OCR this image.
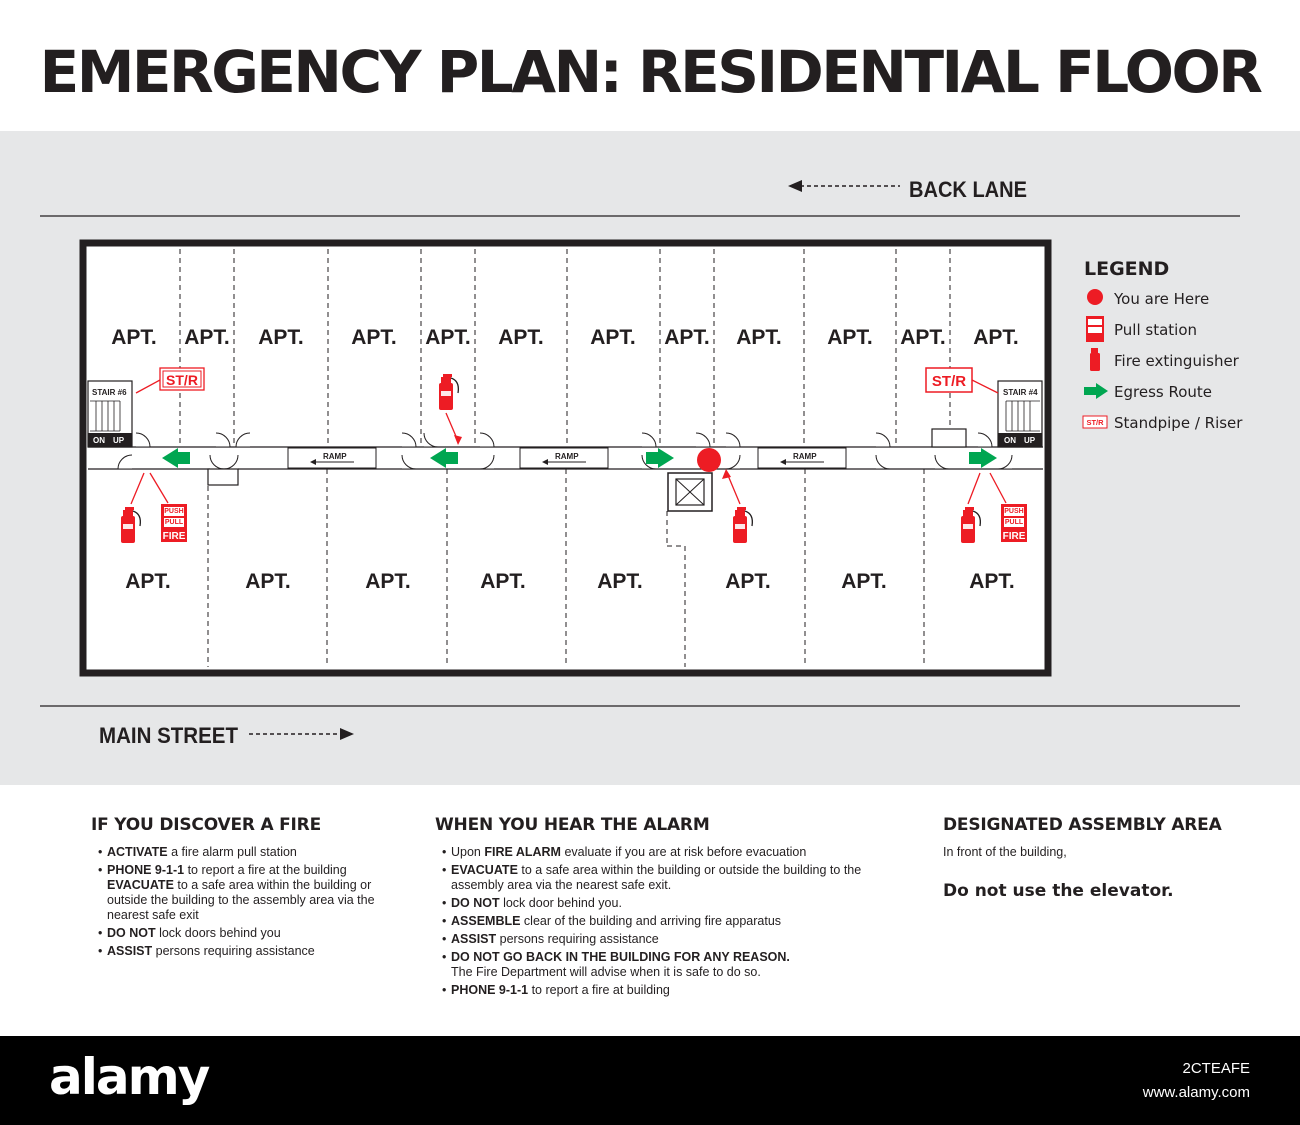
EMERGENCY PLAN: RESIDENTIAL FLOOR
BACK LANE
APT. APT. APT. APT. APT. APT. APT. APT. APT. APT. APT. APT.
APT.	APT.	APT.	APT.	APT.	APT.	APT.	APT.
STAIR #6
ON UP
STAIR #4
ON UP
RAMP	RAMP	RAMP
ST/R	ST/R
PUSH
PULL
FIRE
PUSH
PULL
FIRE
LEGEND
You are Here
Pull station
Fire extinguisher
Egress Route
ST/R Standpipe / Riser
MAIN STREET
IF YOU DISCOVER A FIRE
• ACTIVATE a fire alarm pull station
• PHONE 9-1-1 to report a fire at the building
EVACUATE to a safe area within the building or outside the building to the assembly area via the nearest safe exit
• DO NOT lock doors behind you
• ASSIST persons requiring assistance
WHEN YOU HEAR THE ALARM
• Upon FIRE ALARM evaluate if you are at risk before evacuation
• EVACUATE to a safe area within the building or outside the building to the assembly area via the nearest safe exit.
• DO NOT lock door behind you.
• ASSEMBLE clear of the building and arriving fire apparatus
• ASSIST persons requiring assistance
• DO NOT GO BACK IN THE BUILDING FOR ANY REASON.
The Fire Department will advise when it is safe to do so.
• PHONE 9-1-1 to report a fire at building
DESIGNATED ASSEMBLY AREA

In front of the building,

Do not use the elevator.

alamy	2CTEAFE
www.alamy.com
